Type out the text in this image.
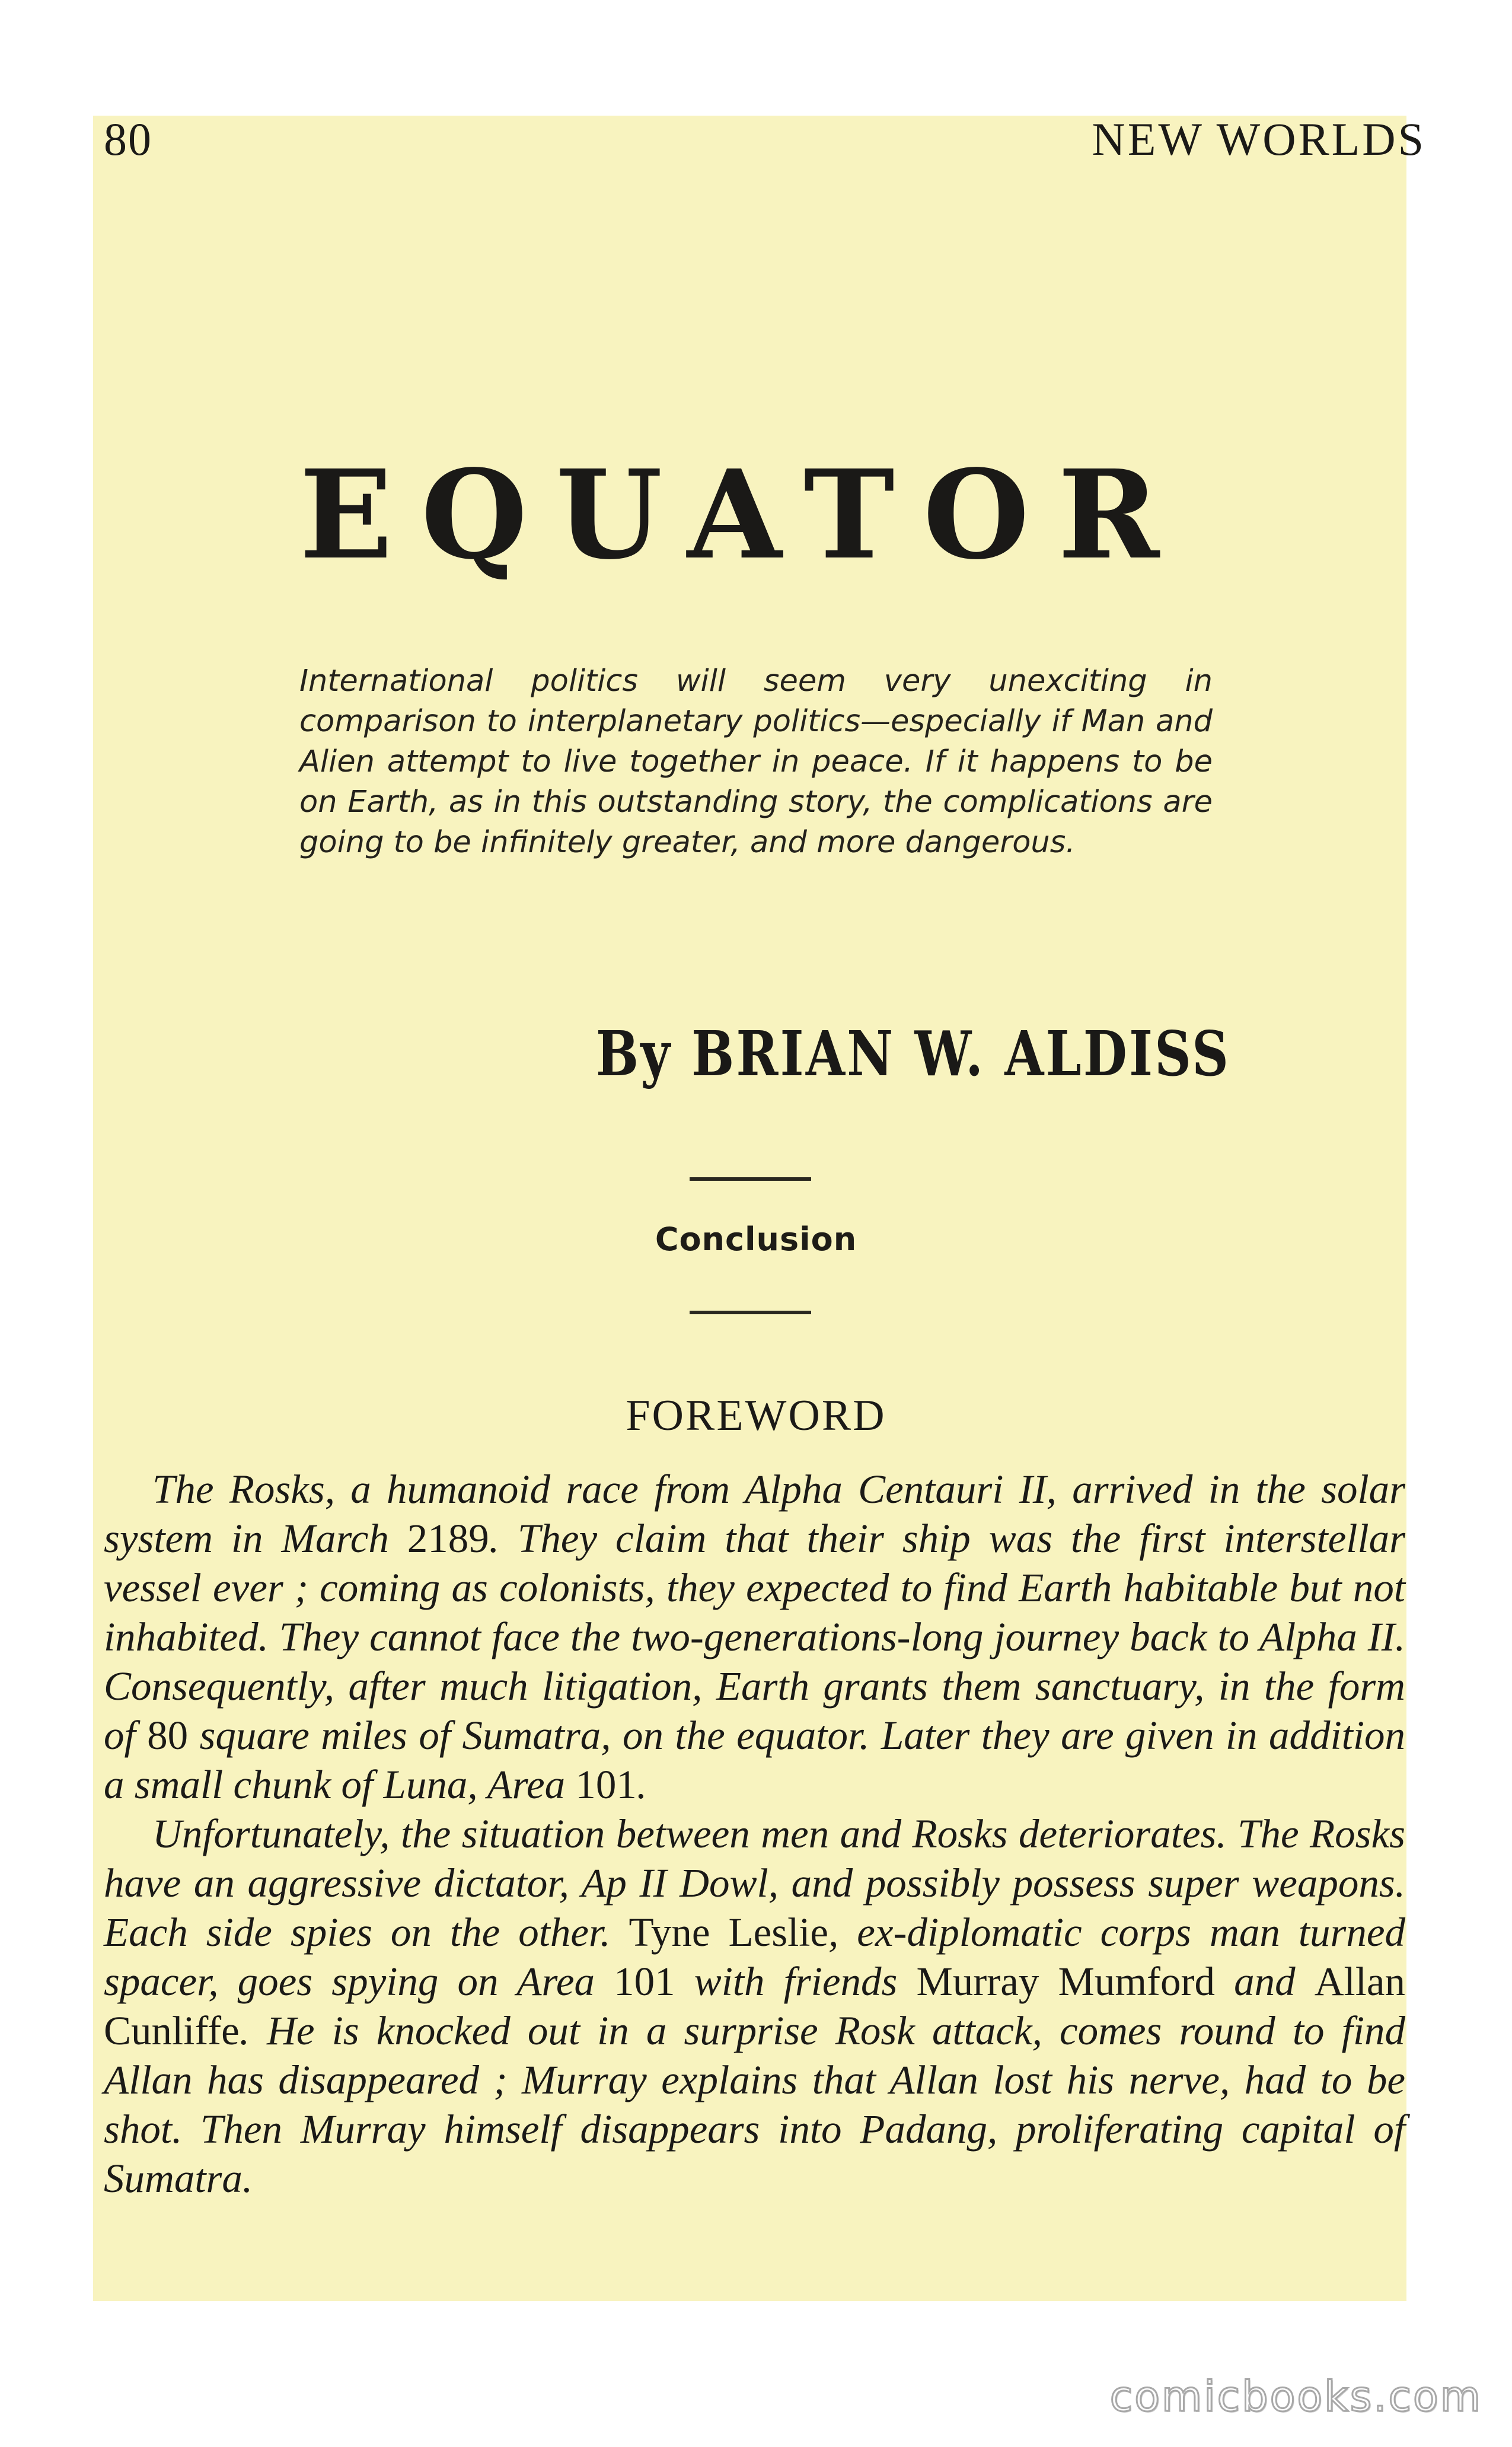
80	NEW WORLDS
EQUATOR
International politics will seem very unexciting in comparison to interplanetary politics—especially if Man and Alien attempt to live together in peace. If it happens to be on Earth, as in this outstanding story, the complications are going to be infinitely greater, and more dangerous.
By BRIAN W. ALDISS
Conclusion
FOREWORD

The Rosks, a humanoid race from Alpha Centauri II, arrived in the solar system in March 2189. They claim that their ship was the first interstellar vessel ever ; coming as colonists, they expected to find Earth habitable but not inhabited. They cannot face the two-generations-long journey back to Alpha II. Consequently, after much litigation, Earth grants them sanctuary, in the form of 80 square miles of Sumatra, on the equator. Later they are given in addition a small chunk of Luna, Area 101.

Unfortunately, the situation between men and Rosks deteriorates. The Rosks have an aggressive dictator, Ap II Dowl, and possibly possess super weapons. Each side spies on the other. Tyne Leslie, ex-diplomatic corps man turned spacer, goes spying on Area 101 with friends Murray Mumford and Allan Cunliffe. He is knocked out in a surprise Rosk attack, comes round to find Allan has disappeared ; Murray explains that Allan lost his nerve, had to be shot. Then Murray himself disappears into Padang, proliferating capital of Sumatra.

comicbooks.com
